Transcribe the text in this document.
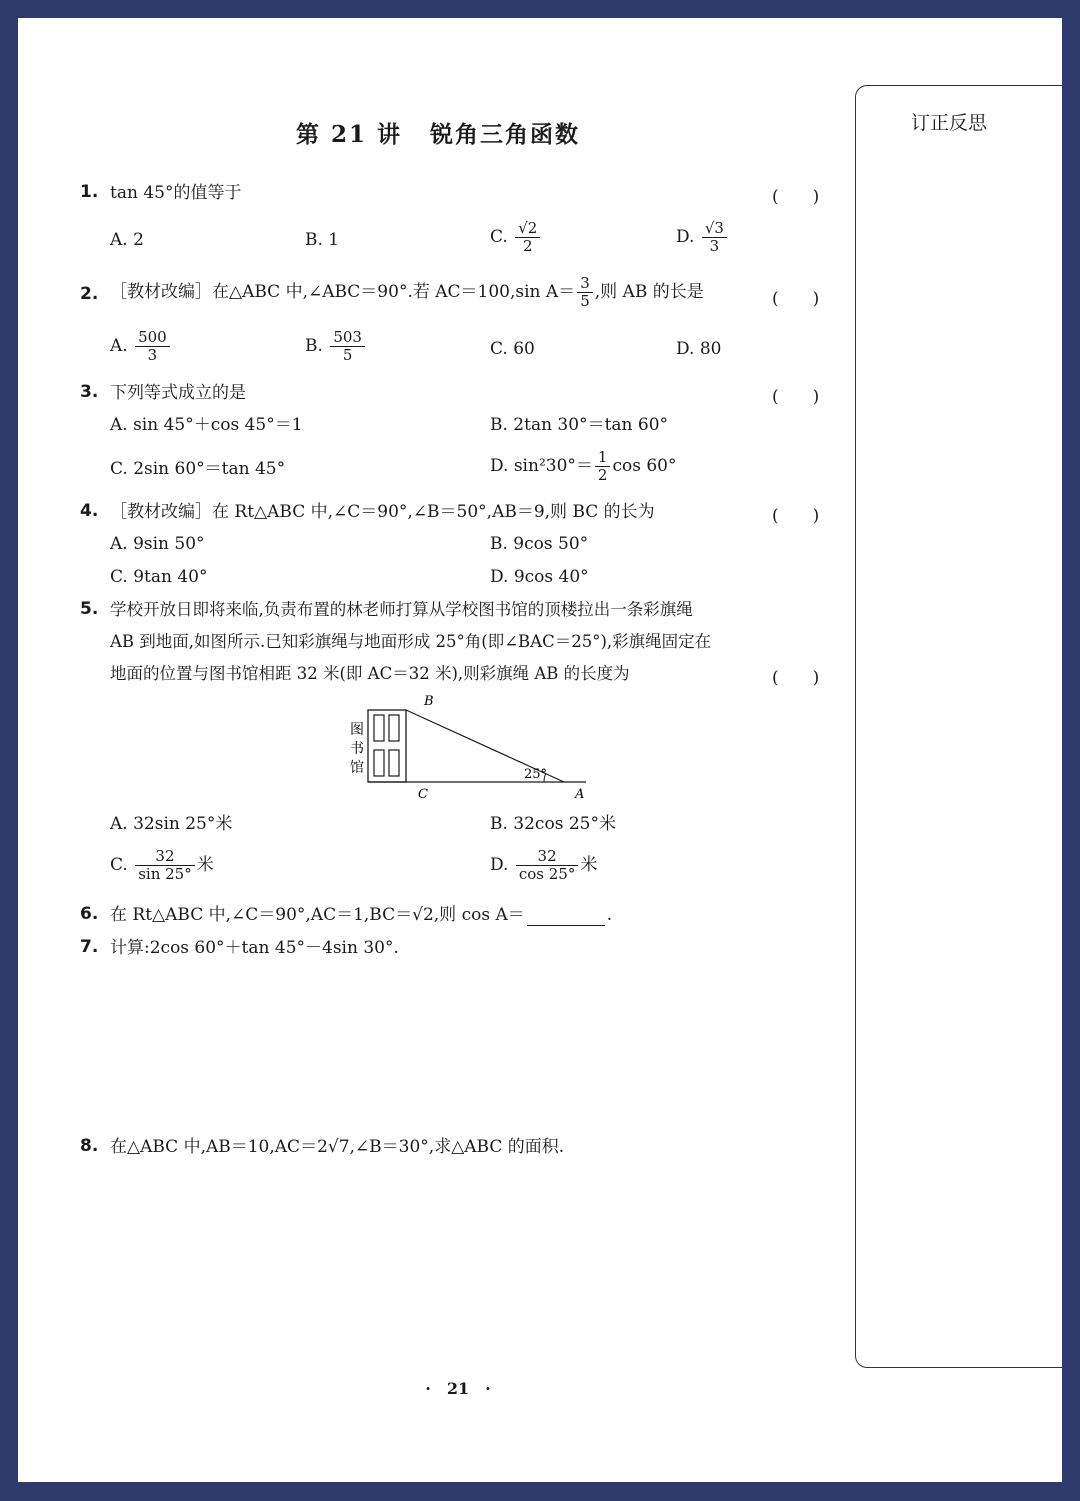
订正反思
第 21 讲 锐角三角函数
1. tan 45°的值等于	(　　)
A. 2	B. 1	C. $\frac{√2}{2}$	D. $\frac{√3}{3}$
2. ［教材改编］在△ABC 中,∠ABC＝90°.若 AC＝100,sin $A= \frac{3}{5}$ ,则 AB 的长是	(　　)
A. $\frac{500}{3}$	B. $\frac{503}{5}$	C. 60	D. 80
3. 下列等式成立的是	(　　)
A. sin 45°＋cos 45°＝1	B. 2tan 30°＝tan 60°
C. 2sin 60°＝tan 45°	D. $\sin^230^\circ= \frac{1}{2}$ cos 60°
4. ［教材改编］在 Rt△ABC 中,∠C＝90°,∠B＝50°,AB＝9,则 BC 的长为	(　　)
A. 9sin 50°	B. 9cos 50°
C. 9tan 40°	D. 9cos 40°
5. 学校开放日即将来临,负责布置的林老师打算从学校图书馆的顶楼拉出一条彩旗绳
AB 到地面,如图所示.已知彩旗绳与地面形成 25°角(即∠BAC＝25°),彩旗绳固定在
地面的位置与图书馆相距 32 米(即 AC＝32 米),则彩旗绳 AB 的长度为	(　　)
图
书
馆	25°
B
C	A
A. 32sin 25°米	B. 32cos 25°米
C. $\frac{32}{\sin 25^\circ}$ 米	D. $\frac{32}{\cos 25^\circ}$ 米
6. 在 Rt△ABC 中,∠C＝90°,AC＝1,BC＝√2,则 cos A＝	.
7. 计算:2cos 60°＋tan 45°－4sin 30°.
8. 在△ABC 中,AB＝10,AC＝2√7,∠B＝30°,求△ABC 的面积.
·　21　·
